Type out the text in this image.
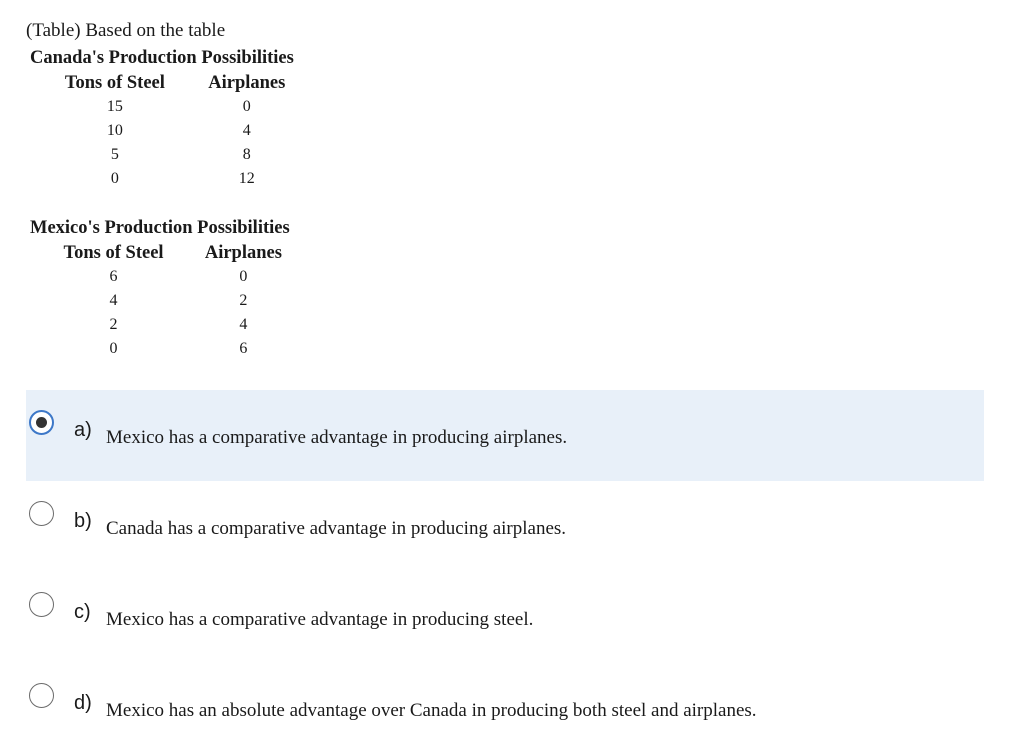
(Table) Based on the table

Canada's Production Possibilities
Tons of Steel	Airplanes
15	0
10	4
5	8
0	12
Mexico's Production Possibilities
Tons of Steel	Airplanes
6	0
4	2
2	4
0	6
a) Mexico has a comparative advantage in producing airplanes.
b) Canada has a comparative advantage in producing airplanes.
c) Mexico has a comparative advantage in producing steel.
d) Mexico has an absolute advantage over Canada in producing both steel and airplanes.
